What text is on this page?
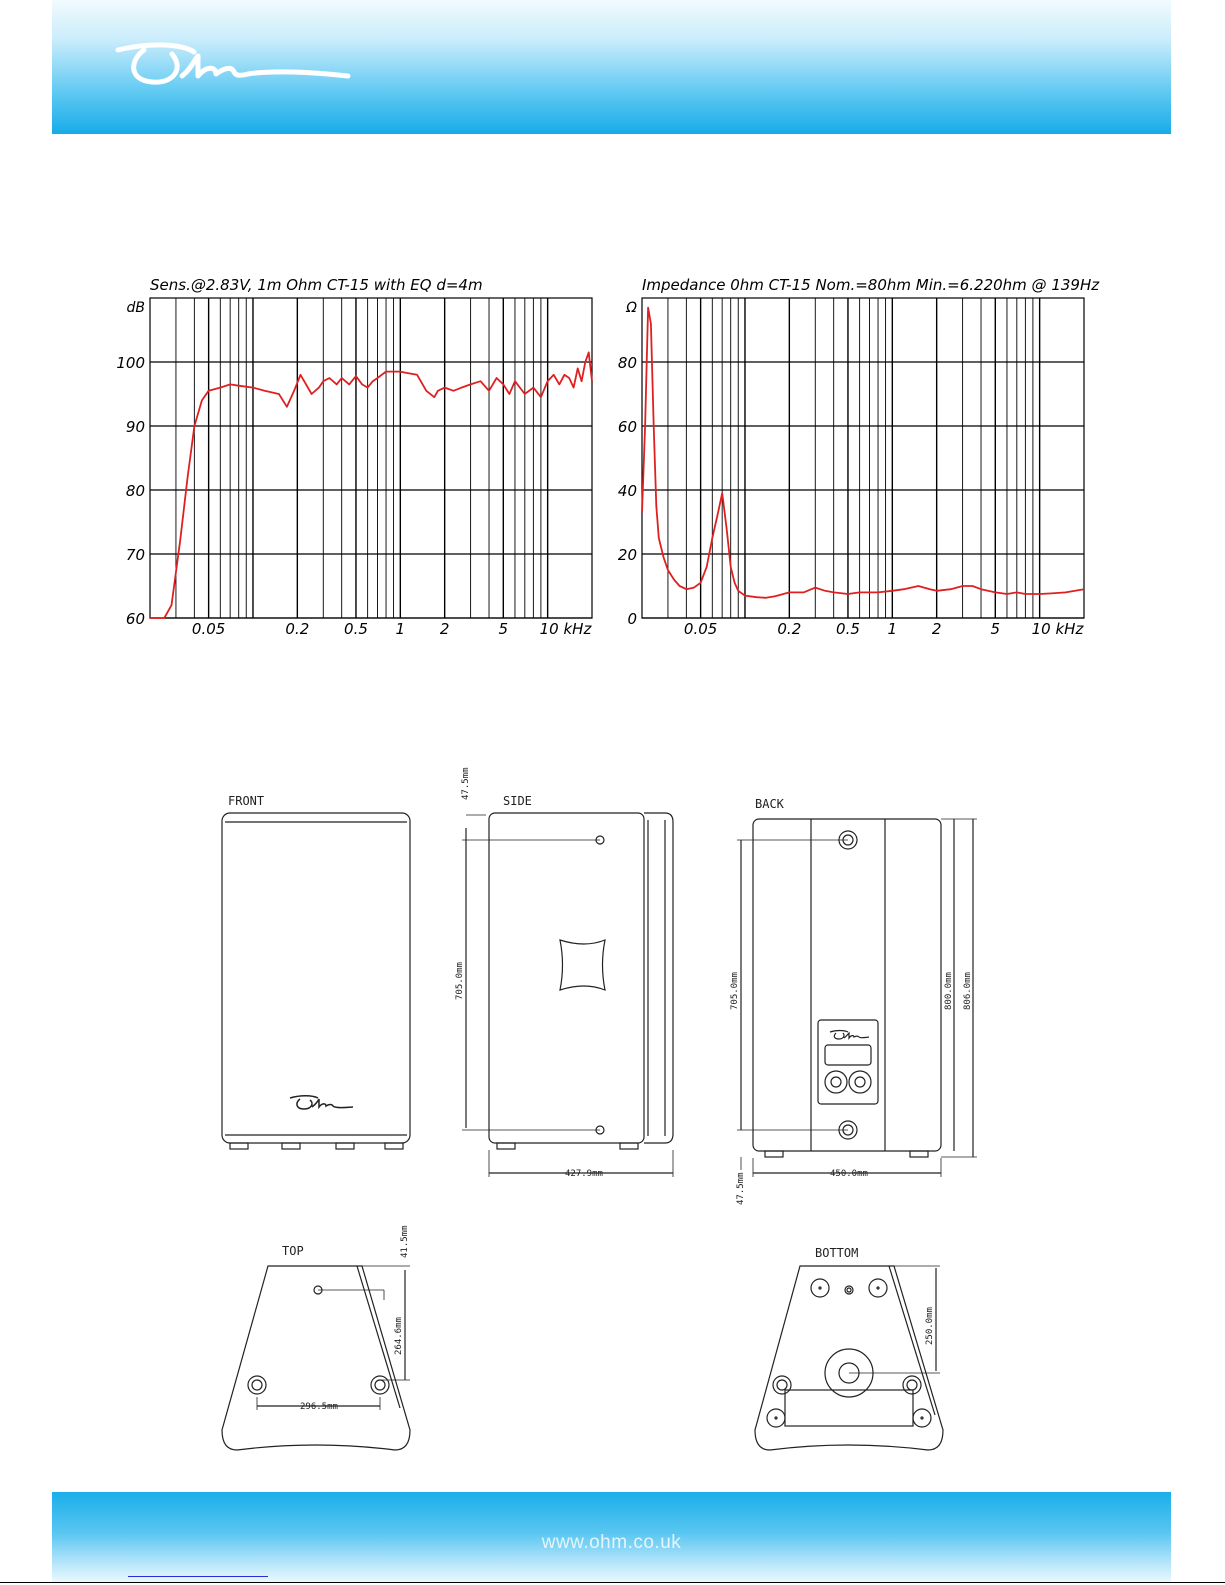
Sens.@2.83V, 1m Ohm CT-15 with EQ d=4m
60
70
80
90
100
dB
0.05	0.2 0.5 1 2	5 10 kHz
Impedance 0hm CT-15 Nom.=80hm Min.=6.220hm @ 139Hz
0
20
40
60
80
Ω
0.05	0.2 0.5 1 2	5 10 kHz
FRONT	SIDE
705.0mm
47.5mm
427.9mm
BACK
705.0mm	800.0mm 806.0mm
450.0mm
47.5mm
TOP
264.6mm
41.5mm
296.5mm
BOTTOM
250.0mm
www.ohm.co.uk
